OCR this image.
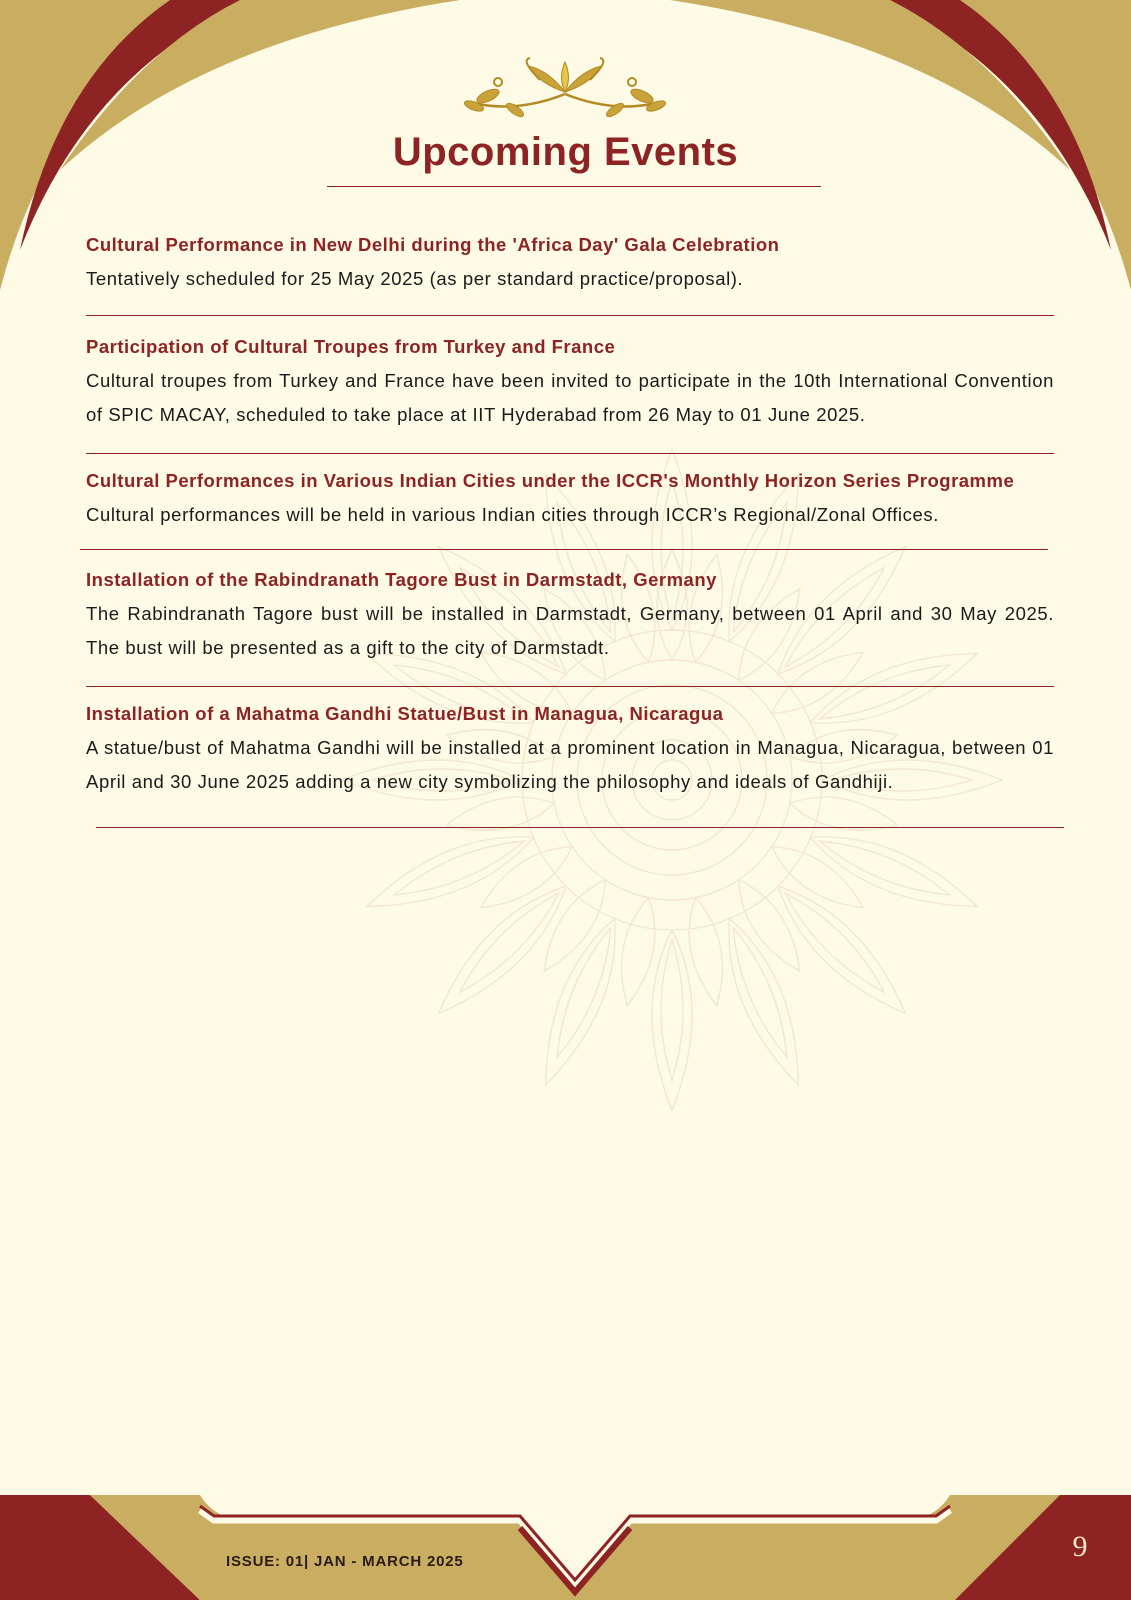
Upcoming Events
Cultural Performance in New Delhi during the 'Africa Day' Gala Celebration

Tentatively scheduled for 25 May 2025 (as per standard practice/proposal).

Participation of Cultural Troupes from Turkey and France

Cultural troupes from Turkey and France have been invited to participate in the 10th International Convention of SPIC MACAY, scheduled to take place at IIT Hyderabad from 26 May to 01 June 2025.

Cultural Performances in Various Indian Cities under the ICCR's Monthly Horizon Series Programme

Cultural performances will be held in various Indian cities through ICCR’s Regional/Zonal Offices.

Installation of the Rabindranath Tagore Bust in Darmstadt, Germany

The Rabindranath Tagore bust will be installed in Darmstadt, Germany, between 01 April and 30 May 2025. The bust will be presented as a gift to the city of Darmstadt.

Installation of a Mahatma Gandhi Statue/Bust in Managua, Nicaragua

A statue/bust of Mahatma Gandhi will be installed at a prominent location in Managua, Nicaragua, between 01 April and 30 June 2025 adding a new city symbolizing the philosophy and ideals of Gandhiji.

ISSUE: 01| JAN - MARCH 2025	9
